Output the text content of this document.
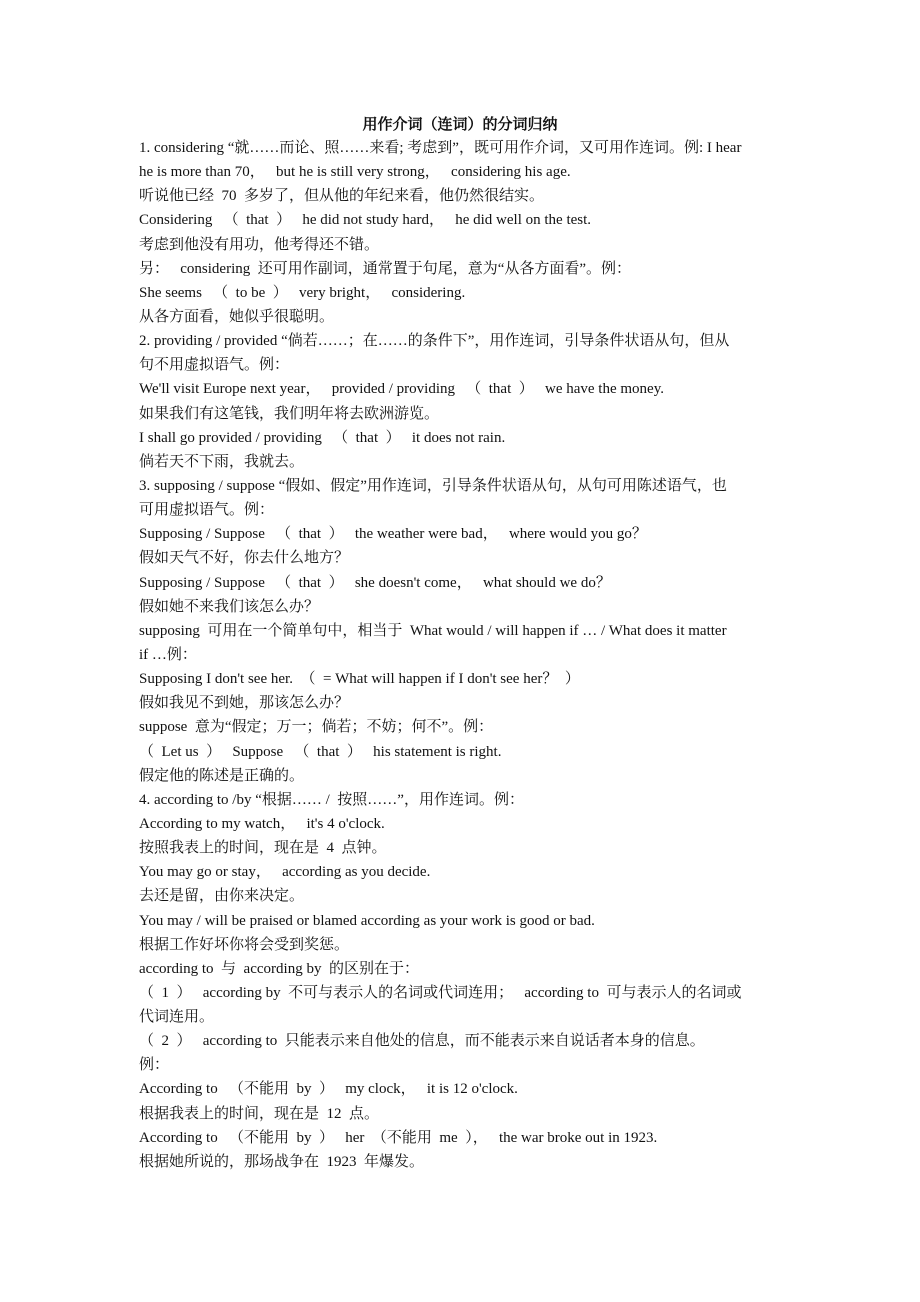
用作介词（连词）的分词归纳
1. considering “就……而论、照……来看; 考虑到”，既可用作介词，又可用作连词。例: I hear
he is more than 70，   but he is still very strong，   considering his age.
听说他已经  70  多岁了，但从他的年纪来看，他仍然很结实。
Considering   （  that  ）   he did not study hard，   he did well on the test.
考虑到他没有用功，他考得还不错。
另：   considering  还可用作副词，通常置于句尾，意为“从各方面看”。例：
She seems   （  to be  ）   very bright，   considering.
从各方面看，她似乎很聪明。
2. providing / provided “倘若……；在……的条件下”，用作连词，引导条件状语从句，但从
句不用虚拟语气。例：
We'll visit Europe next year，   provided / providing   （  that  ）   we have the money.
如果我们有这笔钱，我们明年将去欧洲游览。
I shall go provided / providing   （  that  ）   it does not rain.
倘若天不下雨，我就去。
3. supposing / suppose “假如、假定”用作连词，引导条件状语从句，从句可用陈述语气，也
可用虚拟语气。例：
Supposing / Suppose   （  that  ）   the weather were bad，   where would you go？
假如天气不好，你去什么地方？
Supposing / Suppose   （  that  ）   she doesn't come，   what should we do？
假如她不来我们该怎么办？
supposing  可用在一个简单句中，相当于  What would / will happen if … / What does it matter
if …例：
Supposing I don't see her.  （  = What will happen if I don't see her？  ）
假如我见不到她，那该怎么办？
suppose  意为“假定；万一；倘若；不妨；何不”。例：
（  Let us  ）   Suppose   （  that  ）   his statement is right.
假定他的陈述是正确的。
4. according to /by “根据…… /  按照……”，用作连词。例：
According to my watch，   it's 4 o'clock.
按照我表上的时间，现在是  4  点钟。
You may go or stay，   according as you decide.
去还是留，由你来决定。
You may / will be praised or blamed according as your work is good or bad.
根据工作好坏你将会受到奖惩。
according to  与  according by  的区别在于：
（  1  ）   according by  不可与表示人的名词或代词连用；   according to  可与表示人的名词或
代词连用。
（  2  ）   according to  只能表示来自他处的信息，而不能表示来自说话者本身的信息。
例：
According to   （不能用  by  ）   my clock，   it is 12 o'clock.
根据我表上的时间，现在是  12  点。
According to   （不能用  by  ）   her  （不能用  me  ），   the war broke out in 1923.
根据她所说的，那场战争在  1923  年爆发。
